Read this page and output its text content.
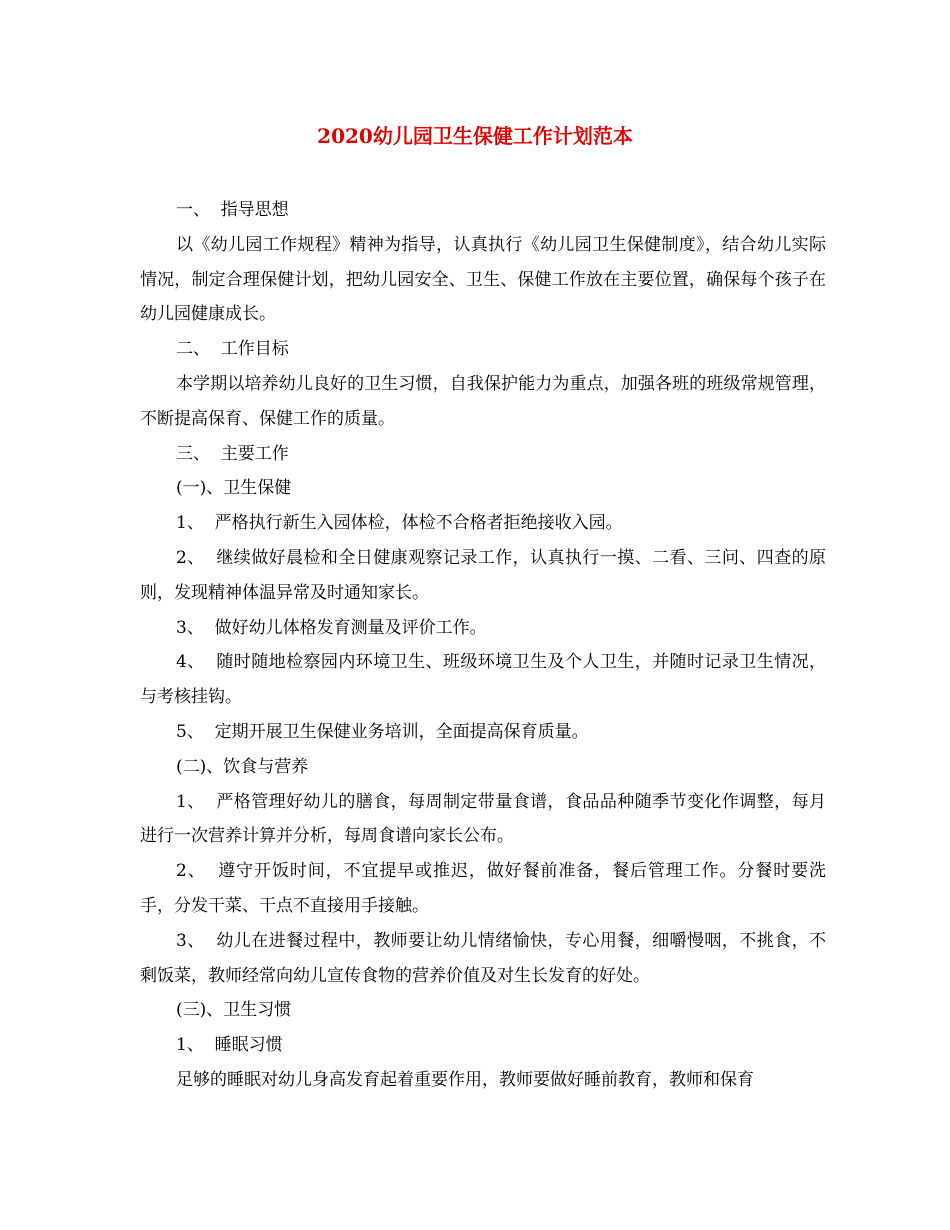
2020幼儿园卫生保健工作计划范本

一、  指导思想

以《幼儿园工作规程》精神为指导，认真执行《幼儿园卫生保健制度》，结合幼儿实际情况，制定合理保健计划，把幼儿园安全、卫生、保健工作放在主要位置，确保每个孩子在幼儿园健康成长。

二、  工作目标

本学期以培养幼儿良好的卫生习惯，自我保护能力为重点，加强各班的班级常规管理，不断提高保育、保健工作的质量。

三、  主要工作

(一)、卫生保健

1、  严格执行新生入园体检，体检不合格者拒绝接收入园。

2、  继续做好晨检和全日健康观察记录工作，认真执行一摸、二看、三问、四查的原则，发现精神体温异常及时通知家长。

3、  做好幼儿体格发育测量及评价工作。

4、  随时随地检察园内环境卫生、班级环境卫生及个人卫生，并随时记录卫生情况，与考核挂钩。

5、  定期开展卫生保健业务培训，全面提高保育质量。

(二)、饮食与营养

1、  严格管理好幼儿的膳食，每周制定带量食谱，食品品种随季节变化作调整，每月进行一次营养计算并分析，每周食谱向家长公布。

2、  遵守开饭时间，不宜提早或推迟，做好餐前准备，餐后管理工作。分餐时要洗手，分发干菜、干点不直接用手接触。

3、  幼儿在进餐过程中，教师要让幼儿情绪愉快，专心用餐，细嚼慢咽，不挑食，不剩饭菜，教师经常向幼儿宣传食物的营养价值及对生长发育的好处。

(三)、卫生习惯

1、  睡眠习惯

足够的睡眠对幼儿身高发育起着重要作用，教师要做好睡前教育，教师和保育
